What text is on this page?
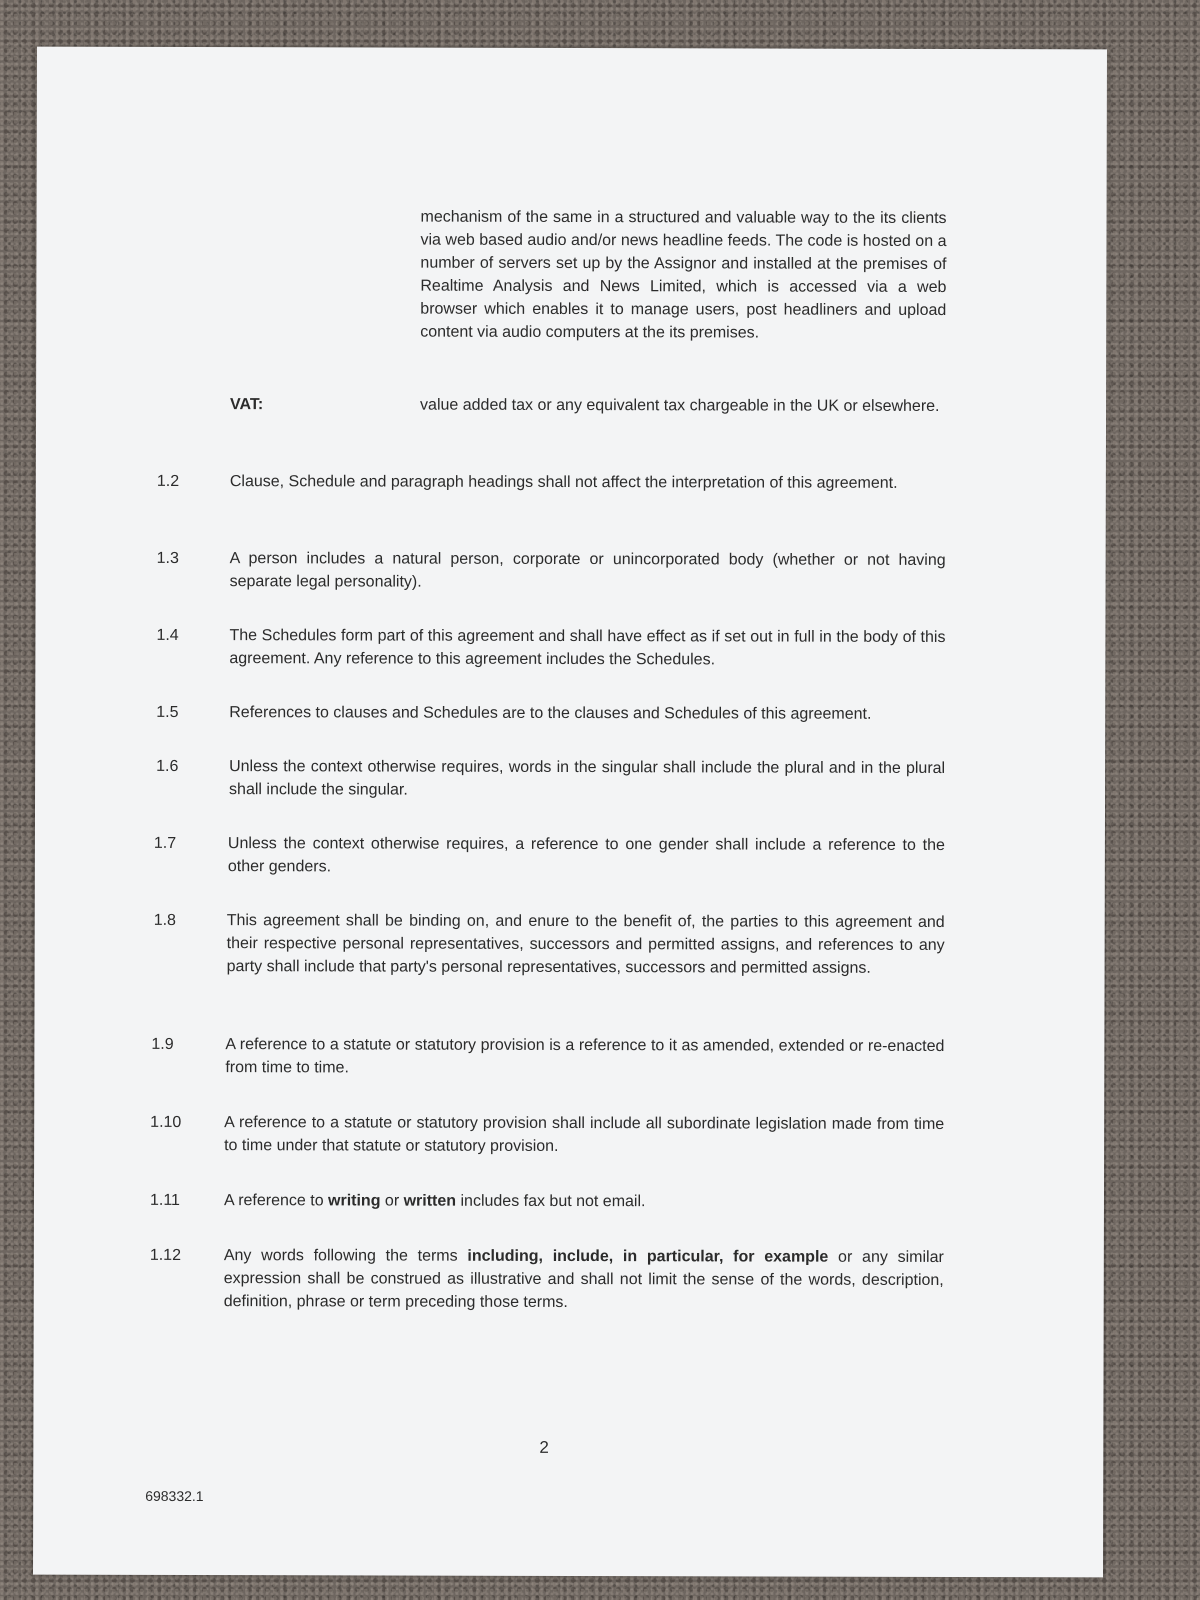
mechanism of the same in a structured and valuable way to the its clients via web based audio and/or news headline feeds. The code is hosted on a number of servers set up by the Assignor and installed at the premises of Realtime Analysis and News Limited, which is accessed via a web browser which enables it to manage users, post headliners and upload content via audio computers at the its premises.

VAT:	value added tax or any equivalent tax chargeable in the UK or elsewhere.

1.2	Clause, Schedule and paragraph headings shall not affect the interpretation of this agreement.

1.3	A person includes a natural person, corporate or unincorporated body (whether or not having separate legal personality).

1.4	The Schedules form part of this agreement and shall have effect as if set out in full in the body of this agreement. Any reference to this agreement includes the Schedules.

1.5	References to clauses and Schedules are to the clauses and Schedules of this agreement.

1.6	Unless the context otherwise requires, words in the singular shall include the plural and in the plural shall include the singular.

1.7	Unless the context otherwise requires, a reference to one gender shall include a reference to the other genders.

1.8	This agreement shall be binding on, and enure to the benefit of, the parties to this agreement and their respective personal representatives, successors and permitted assigns, and references to any party shall include that party's personal representatives, successors and permitted assigns.

1.9	A reference to a statute or statutory provision is a reference to it as amended, extended or re-enacted from time to time.

1.10	A reference to a statute or statutory provision shall include all subordinate legislation made from time to time under that statute or statutory provision.

1.11	A reference to writing or written includes fax but not email.

1.12	Any words following the terms including, include, in particular, for example or any similar expression shall be construed as illustrative and shall not limit the sense of the words, description, definition, phrase or term preceding those terms.

2
698332.1
